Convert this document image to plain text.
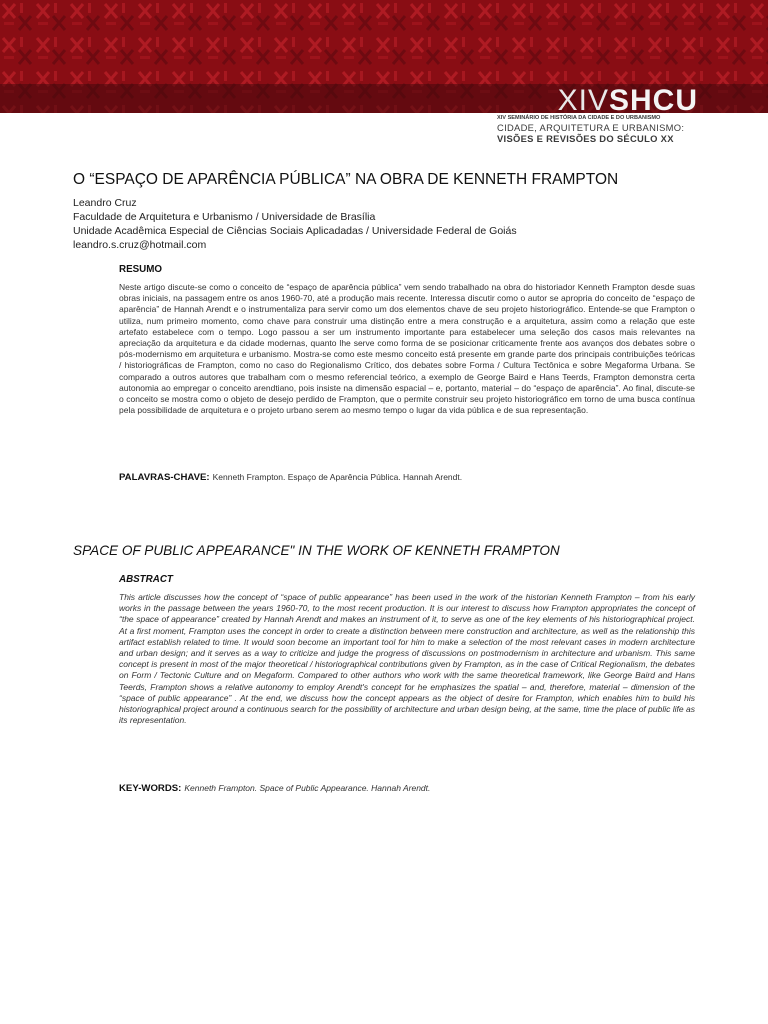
XIVSHCU
XIV SEMINÁRIO DE HISTÓRIA DA CIDADE E DO URBANISMO
CIDADE, ARQUITETURA E URBANISMO:
VISÕES E REVISÕES DO SÉCULO XX
O “ESPAÇO DE APARÊNCIA PÚBLICA” NA OBRA DE KENNETH FRAMPTON
Leandro Cruz
Faculdade de Arquitetura e Urbanismo / Universidade de Brasília
Unidade Acadêmica Especial de Ciências Sociais Aplicadadas / Universidade Federal de Goiás
leandro.s.cruz@hotmail.com
RESUMO
Neste artigo discute-se como o conceito de “espaço de aparência pública” vem sendo trabalhado na obra do historiador Kenneth Frampton desde suas obras iniciais, na passagem entre os anos 1960-70, até a produção mais recente. Interessa discutir como o autor se apropria do conceito de “espaço de aparência” de Hannah Arendt e o instrumentaliza para servir como um dos elementos chave de seu projeto historiográfico. Entende-se que Frampton o utiliza, num primeiro momento, como chave para construir uma distinção entre a mera construção e a arquitetura, assim como a relação que este artefato estabelece com o tempo. Logo passou a ser um instrumento importante para estabelecer uma seleção dos casos mais relevantes na apreciação da arquitetura e da cidade modernas, quanto lhe serve como forma de se posicionar criticamente frente aos avanços dos debates sobre o pós-modernismo em arquitetura e urbanismo. Mostra-se como este mesmo conceito está presente em grande parte dos principais contribuições teóricas / historiográficas de Frampton, como no caso do Regionalismo Crítico, dos debates sobre Forma / Cultura Tectônica e sobre Megaforma Urbana. Se comparado a outros autores que trabalham com o mesmo referencial teórico, a exemplo de George Baird e Hans Teerds, Frampton demonstra certa autonomia ao empregar o conceito arendtiano, pois insiste na dimensão espacial – e, portanto, material – do “espaço de aparência”. Ao final, discute-se o conceito se mostra como o objeto de desejo perdido de Frampton, que o permite construir seu projeto historiográfico em torno de uma busca contínua pela possibilidade de arquitetura e o projeto urbano serem ao mesmo tempo o lugar da vida pública e de sua representação.
PALAVRAS-CHAVE: Kenneth Frampton. Espaço de Aparência Pública. Hannah Arendt.
SPACE OF PUBLIC APPEARANCE" IN THE WORK OF KENNETH FRAMPTON
ABSTRACT
This article discusses how the concept of “space of public appearance” has been used in the work of the historian Kenneth Frampton – from his early works in the passage between the years 1960-70, to the most recent production. It is our interest to discuss how Frampton appropriates the concept of “the space of appearance” created by Hannah Arendt and makes an instrument of it, to serve as one of the key elements of his historiographical project. At a first moment, Frampton uses the concept in order to create a distinction between mere construction and architecture, as well as the relationship this artifact establish related to time. It would soon become an important tool for him to make a selection of the most relevant cases in modern architecture and urban design; and it serves as a way to criticize and judge the progress of discussions on postmodernism in architecture and urbanism. This same concept is present in most of the major theoretical / historiographical contributions given by Frampton, as in the case of Critical Regionalism, the debates on Form / Tectonic Culture and on Megaform. Compared to other authors who work with the same theoretical framework, like George Baird and Hans Teerds, Frampton shows a relative autonomy to employ Arendt's concept for he emphasizes the spatial – and, therefore, material – dimension of the “space of public appearance” . At the end, we discuss how the concept appears as the object of desire for Frampton, which enables him to build his historiographical project around a continuous search for the possibility of architecture and urban design being, at the same, time the place of public life as its representation.
KEY-WORDS: Kenneth Frampton. Space of Public Appearance. Hannah Arendt.
